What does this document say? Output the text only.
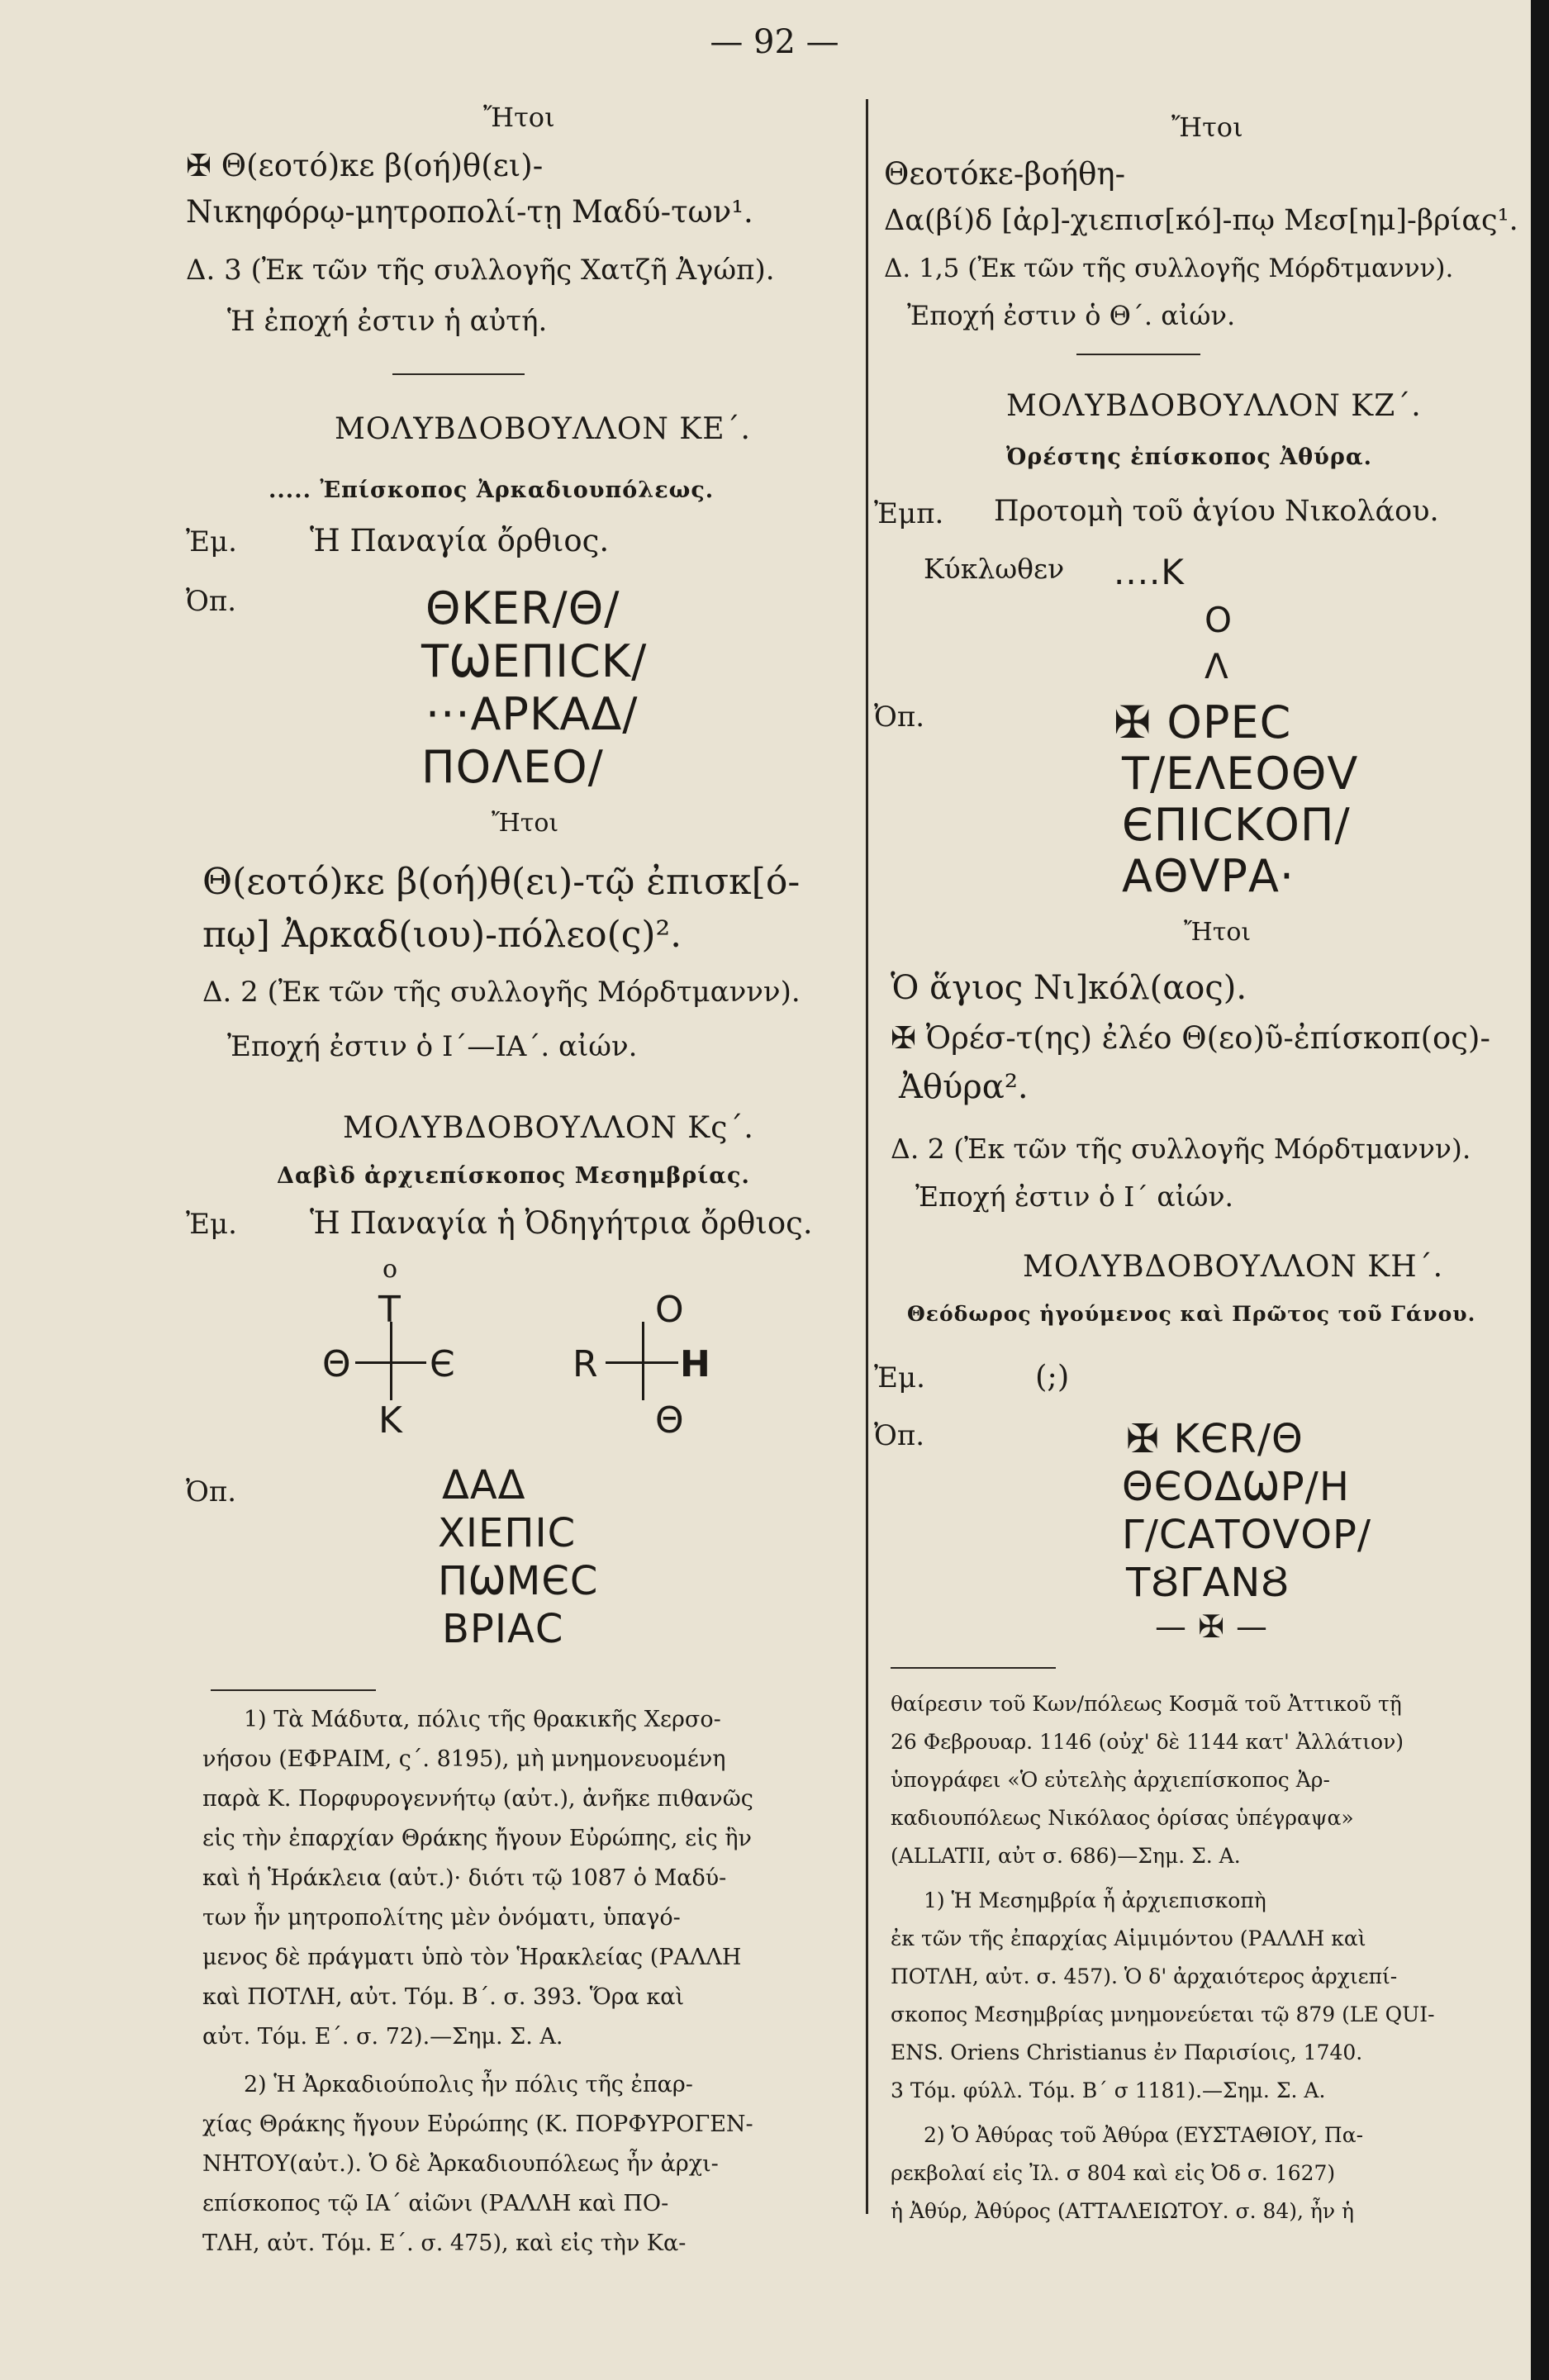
— 92 —
Ἤτοι
✠ Θ(εοτό)κε β(οή)θ(ει)-
Νικηφόρῳ-μητροπολί-τῃ Μαδύ-των¹.
Δ. 3 (Ἐκ τῶν τῆς συλλογῆς Χατζῆ Ἀγώπ).
Ἡ ἐποχή ἐστιν ἡ αὐτή.
ΜΟΛΥΒΔΟΒΟΥΛΛΟΝ ΚΕ΄.
..... Ἐπίσκοπος Ἀρκαδιουπόλεως.
Ἐμ. Ἡ Παναγία ὄρθιος.
Ὀπ.	ΘKΕR/Θ/
ΤѠΕΠΙϹΚ/
···ΑΡΚΑΔ/
ΠΟΛΕΟ/
Ἤτοι
Θ(εοτό)κε β(οή)θ(ει)-τῷ ἐπισκ[ό-
πῳ] Ἀρκαδ(ιου)-πόλεο(ς)².
Δ. 2 (Ἐκ τῶν τῆς συλλογῆς Μόρδτμαννν).
Ἐποχή ἐστιν ὁ Ι΄—ΙΑ΄. αἰών.
ΜΟΛΥΒΔΟΒΟΥΛΛΟΝ Κς΄.
Δαβὶδ ἀρχιεπίσκοπος Μεσημβρίας.
Ἐμ. Ἡ Παναγία ἡ Ὀδηγήτρια ὄρθιος.
ο
Τ
Θ Є
Κ
Ο
R Η
Θ
Ὀπ.	ΔΑΔ
ΧΙΕΠΙϹ
ΠѠΜЄϹ
ΒΡΙΑϹ
1) Τὰ Μάδυτα, πόλις τῆς θρακικῆς Χερσο-
νήσου (ΕΦΡΑΙΜ, ς΄. 8195), μὴ μνημονευομένη
παρὰ Κ. Πορφυρογεννήτῳ (αὐτ.), ἀνῆκε πιθανῶς
εἰς τὴν ἐπαρχίαν Θράκης ἤγουν Εὐρώπης, εἰς ἣν
καὶ ἡ Ἡράκλεια (αὐτ.)· διότι τῷ 1087 ὁ Μαδύ-
των ἦν μητροπολίτης μὲν ὀνόματι, ὑπαγό-
μενος δὲ πράγματι ὑπὸ τὸν Ἡρακλείας (ΡΑΛΛΗ
καὶ ΠΟΤΛΗ, αὐτ. Τόμ. Β΄. σ. 393. Ὅρα καὶ
αὐτ. Τόμ. Ε΄. σ. 72).—Σημ. Σ. Α.
2) Ἡ Ἀρκαδιούπολις ἦν πόλις τῆς ἐπαρ-
χίας Θράκης ἤγουν Εὐρώπης (Κ. ΠΟΡΦΥΡΟΓΕΝ-
ΝΗΤΟΥ(αὐτ.). Ὁ δὲ Ἀρκαδιουπόλεως ἦν ἀρχι-
επίσκοπος τῷ ΙΑ΄ αἰῶνι (ΡΑΛΛΗ καὶ ΠΟ-
ΤΛΗ, αὐτ. Τόμ. Ε΄. σ. 475), καὶ εἰς τὴν Κα-
Ἤτοι
Θεοτόκε-βοήθη-
Δα(βί)δ [ἀρ]-χιεπισ[κό]-πῳ Μεσ[ημ]-βρίας¹.
Δ. 1,5 (Ἐκ τῶν τῆς συλλογῆς Μόρδτμαννν).
Ἐποχή ἐστιν ὁ Θ΄. αἰών.
ΜΟΛΥΒΔΟΒΟΥΛΛΟΝ ΚΖ΄.
Ὀρέστης ἐπίσκοπος Ἀθύρα.
Ἐμπ. Προτομὴ τοῦ ἁγίου Νικολάου.
Κύκλωθεν ....Κ
Ο
Λ
Ὀπ.	✠ ΟΡΕϹ
Τ/ΕΛΕΟΘV
ЄΠΙϹΚΟΠ/
ΑΘVΡΑ·
Ἤτοι
Ὁ ἅγιος Νι]κόλ(αος).
✠ Ὀρέσ-τ(ης) ἐλέο Θ(εο)ῦ-ἐπίσκοπ(ος)-
Ἀθύρα².
Δ. 2 (Ἐκ τῶν τῆς συλλογῆς Μόρδτμαννν).
Ἐποχή ἐστιν ὁ Ι΄ αἰών.
ΜΟΛΥΒΔΟΒΟΥΛΛΟΝ ΚΗ΄.
Θεόδωρος ἡγούμενος καὶ Πρῶτος τοῦ Γάνου.
Ἐμ.	(;)
Ὀπ.	✠ KЄR/Θ
ΘЄΟΔѠΡ/Η
Γ/ϹΑΤΟVΟΡ/
ΤȢΓΑΝȢ
— ✠ —
θαίρεσιν τοῦ Κων/πόλεως Κοσμᾶ τοῦ Ἀττικοῦ τῇ
26 Φεβρουαρ. 1146 (οὐχ' δὲ 1144 κατ' Ἀλλάτιον)
ὑπογράφει «Ὁ εὐτελὴς ἀρχιεπίσκοπος Ἀρ-
καδιουπόλεως Νικόλαος ὁρίσας ὑπέγραψα»
(ALLATII, αὐτ σ. 686)—Σημ. Σ. Α.
1) Ἡ Μεσημβρία ἦ ἀρχιεπισκοπὴ
ἐκ τῶν τῆς ἐπαρχίας Αἱμιμόντου (ΡΑΛΛΗ καὶ
ΠΟΤΛΗ, αὐτ. σ. 457). Ὁ δ' ἀρχαιότερος ἀρχιεπί-
σκοπος Μεσημβρίας μνημονεύεται τῷ 879 (LE QUI-
ENS. Oriens Christianus ἐν Παρισίοις, 1740.
3 Τόμ. φύλλ. Τόμ. Β΄ σ 1181).—Σημ. Σ. Α.
2) Ὁ Ἀθύρας τοῦ Ἀθύρα (ΕΥΣΤΑΘΙΟΥ, Πα-
ρεκβολαί εἰς Ἰλ. σ 804 καὶ εἰς Ὀδ σ. 1627)
ἡ Ἀθύρ, Ἀθύρος (ΑΤΤΑΛΕΙΩΤΟΥ. σ. 84), ἦν ἡ
